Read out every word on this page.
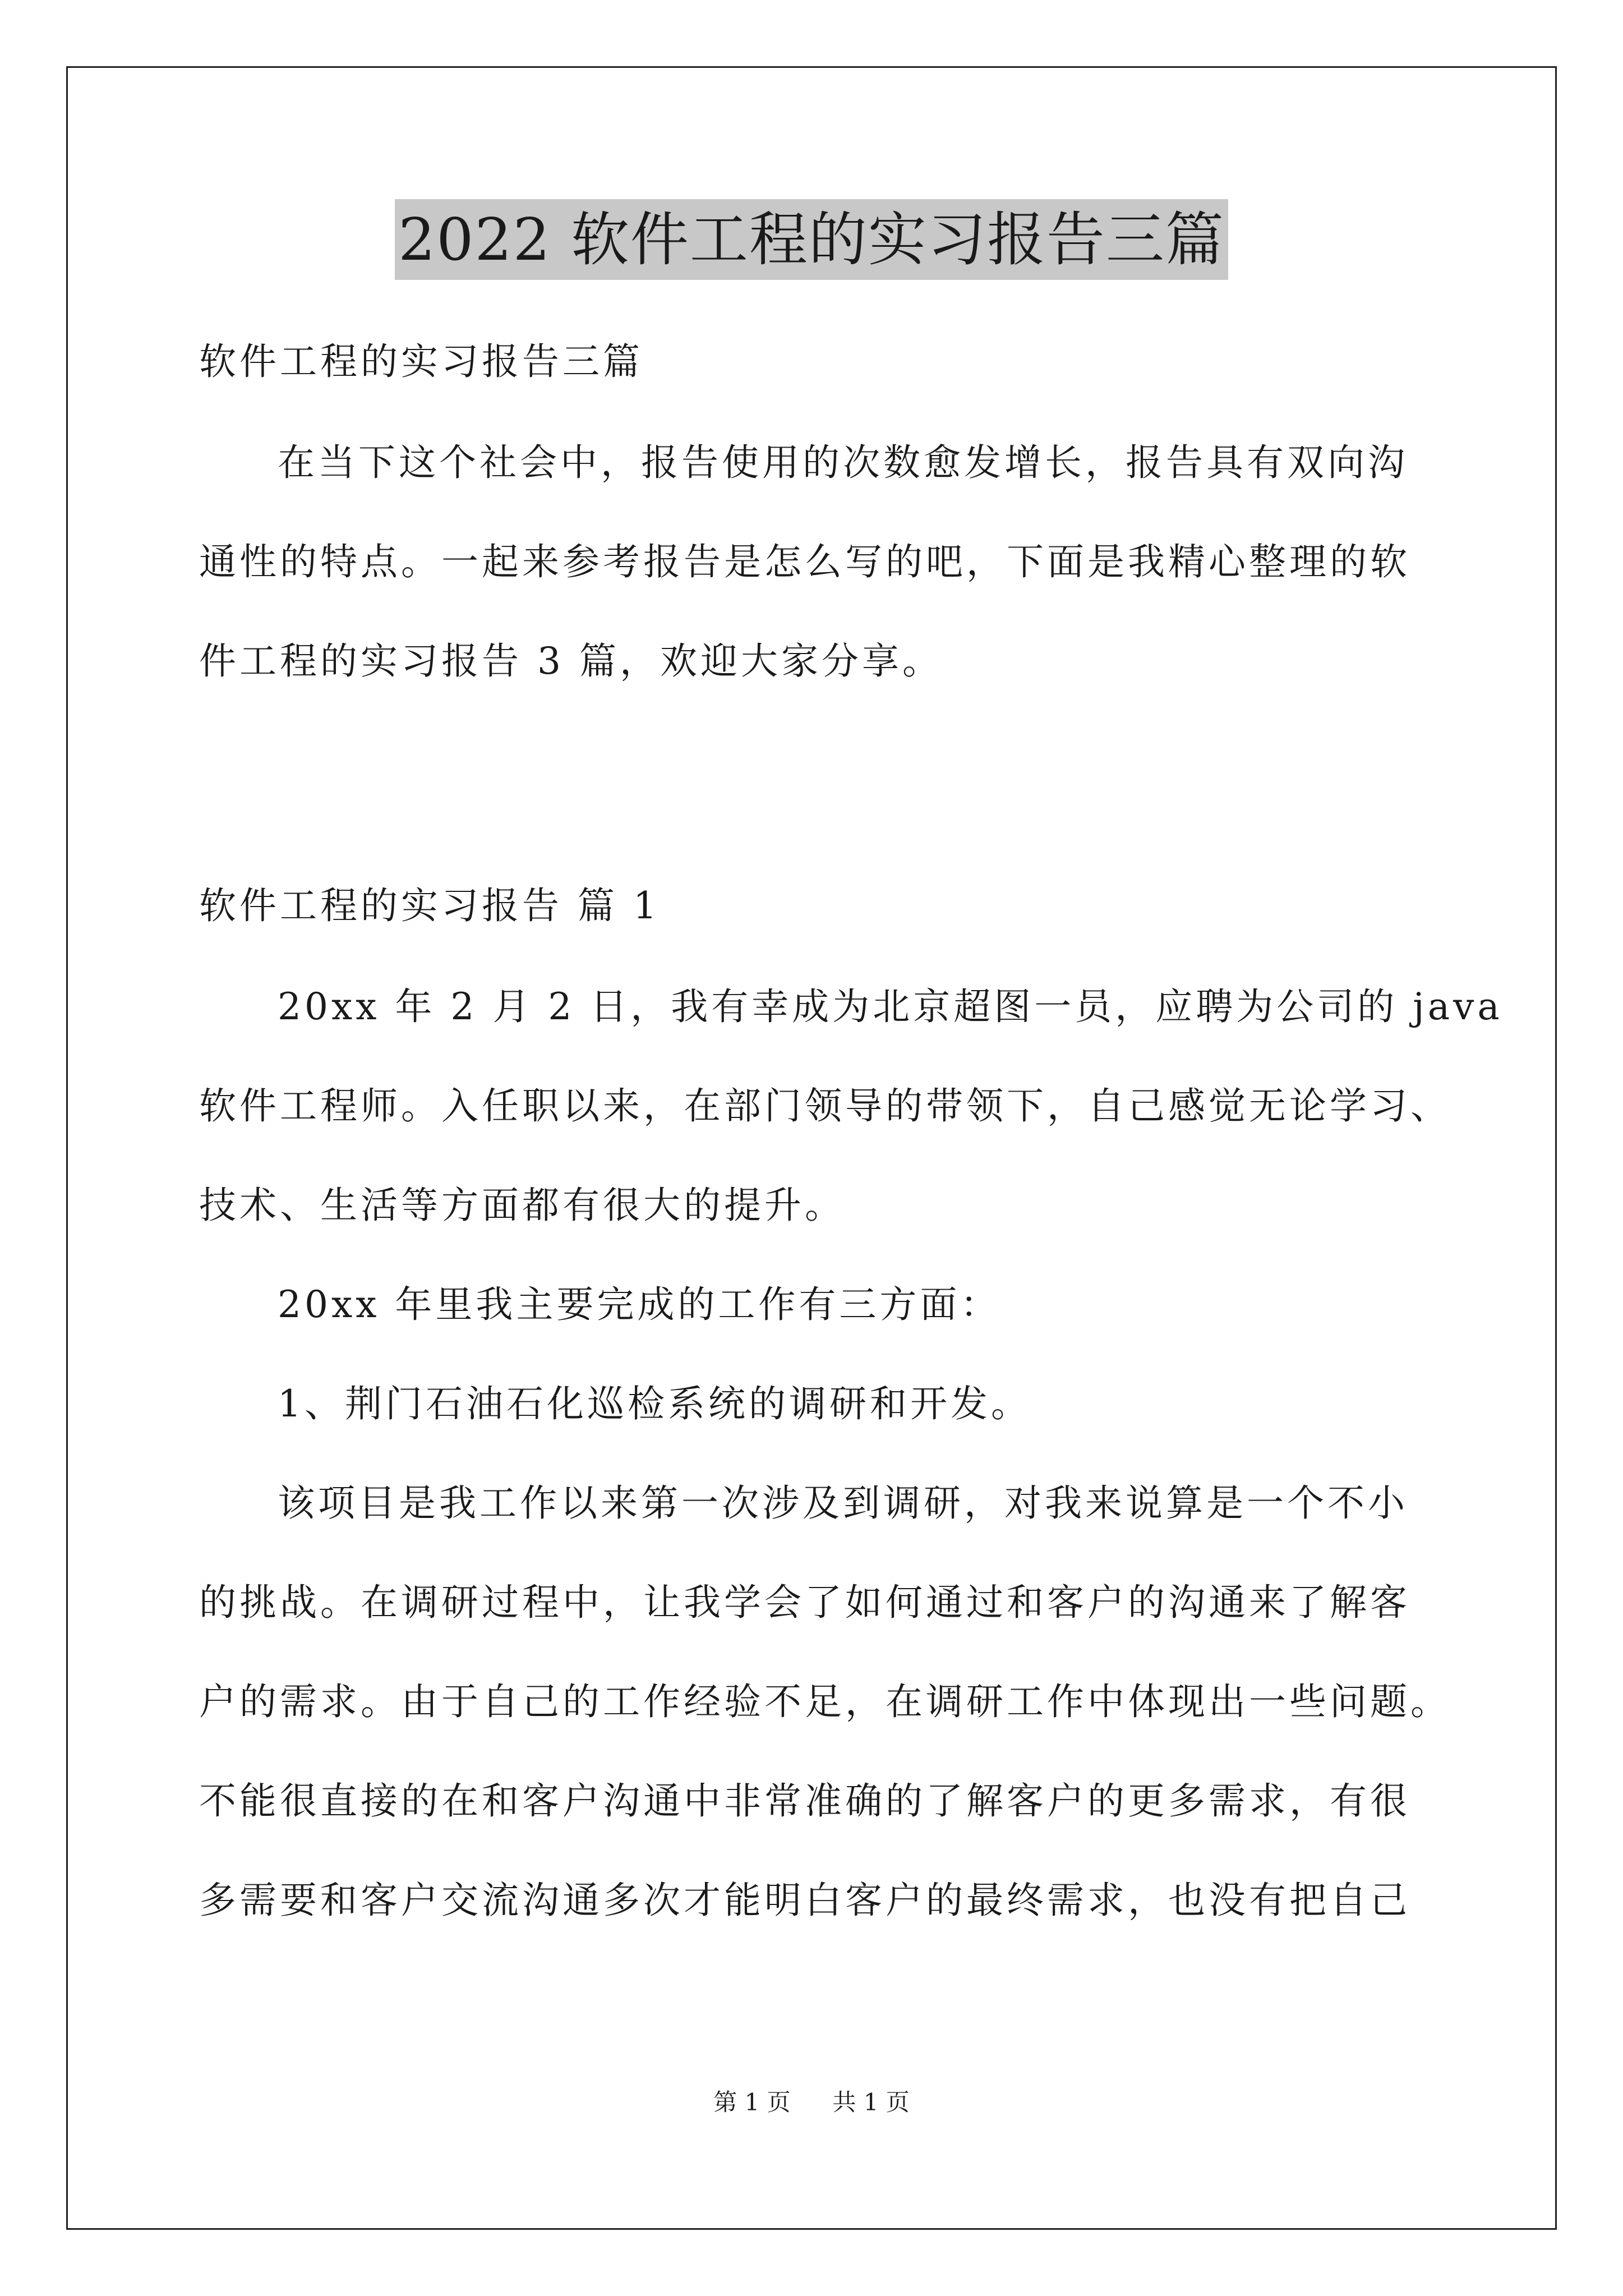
2022 软件工程的实习报告三篇
软件工程的实习报告三篇
在当下这个社会中，报告使用的次数愈发增长，报告具有双向沟
通性的特点。一起来参考报告是怎么写的吧，下面是我精心整理的软
件工程的实习报告 3 篇，欢迎大家分享。
软件工程的实习报告 篇 1
20xx 年 2 月 2 日，我有幸成为北京超图一员，应聘为公司的 java
软件工程师。入任职以来，在部门领导的带领下，自己感觉无论学习、
技术、生活等方面都有很大的提升。
20xx 年里我主要完成的工作有三方面：
1、荆门石油石化巡检系统的调研和开发。
该项目是我工作以来第一次涉及到调研，对我来说算是一个不小
的挑战。在调研过程中，让我学会了如何通过和客户的沟通来了解客
户的需求。由于自己的工作经验不足，在调研工作中体现出一些问题。
不能很直接的在和客户沟通中非常准确的了解客户的更多需求，有很
多需要和客户交流沟通多次才能明白客户的最终需求，也没有把自己
第 1 页 共 1 页
